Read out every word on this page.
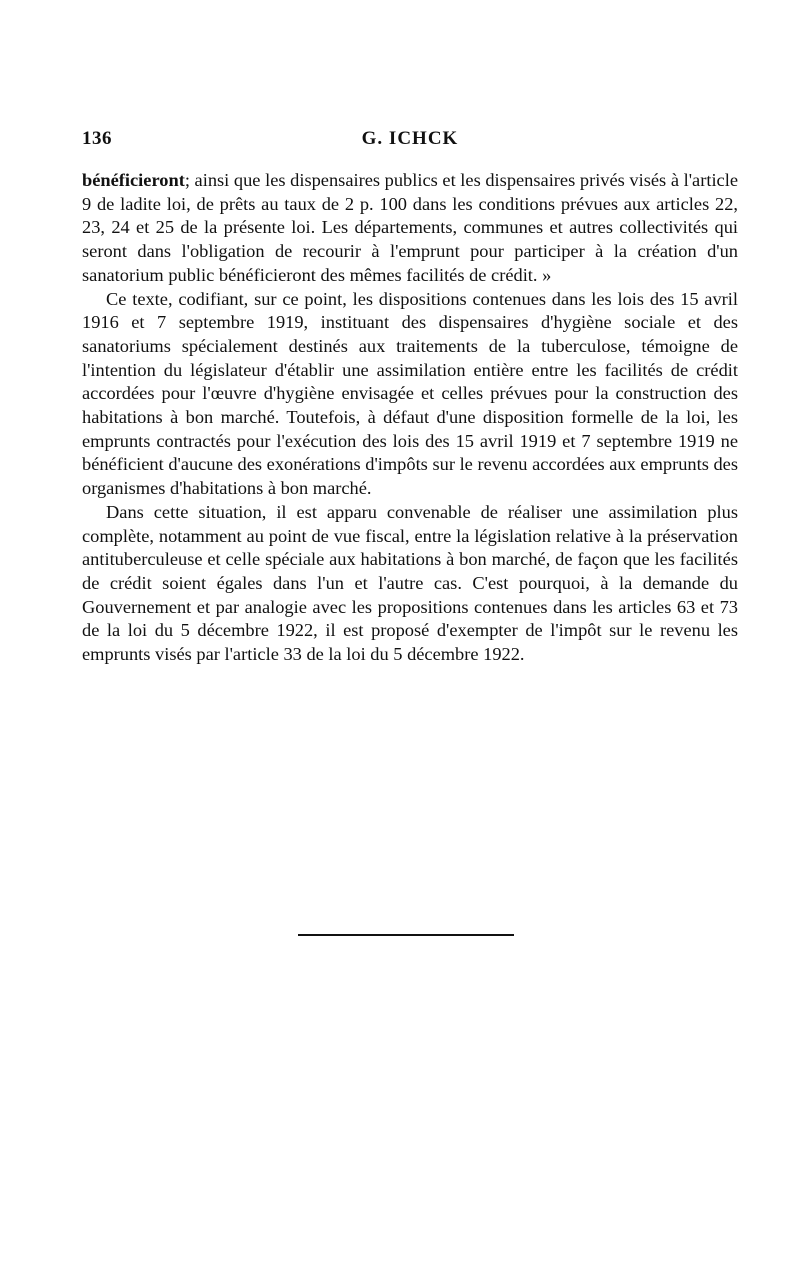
136	G. ICHCK

bénéficieront; ainsi que les dispensaires publics et les dispensaires privés visés à l'article 9 de ladite loi, de prêts au taux de 2 p. 100 dans les conditions prévues aux articles 22, 23, 24 et 25 de la présente loi. Les départements, communes et autres collectivités qui seront dans l'obligation de recourir à l'emprunt pour participer à la création d'un sanatorium public bénéficieront des mêmes facilités de crédit. »

Ce texte, codifiant, sur ce point, les dispositions contenues dans les lois des 15 avril 1916 et 7 septembre 1919, instituant des dispensaires d'hygiène sociale et des sanatoriums spécialement destinés aux traitements de la tuberculose, témoigne de l'intention du législateur d'établir une assimilation entière entre les facilités de crédit accordées pour l'œuvre d'hygiène envisagée et celles prévues pour la construction des habitations à bon marché. Toutefois, à défaut d'une disposition formelle de la loi, les emprunts contractés pour l'exécution des lois des 15 avril 1919 et 7 septembre 1919 ne bénéficient d'aucune des exonérations d'impôts sur le revenu accordées aux emprunts des organismes d'habitations à bon marché.

Dans cette situation, il est apparu convenable de réaliser une assimilation plus complète, notamment au point de vue fiscal, entre la législation relative à la préservation antituberculeuse et celle spéciale aux habitations à bon marché, de façon que les facilités de crédit soient égales dans l'un et l'autre cas. C'est pourquoi, à la demande du Gouvernement et par analogie avec les propositions contenues dans les articles 63 et 73 de la loi du 5 décembre 1922, il est proposé d'exempter de l'impôt sur le revenu les emprunts visés par l'article 33 de la loi du 5 décembre 1922.
